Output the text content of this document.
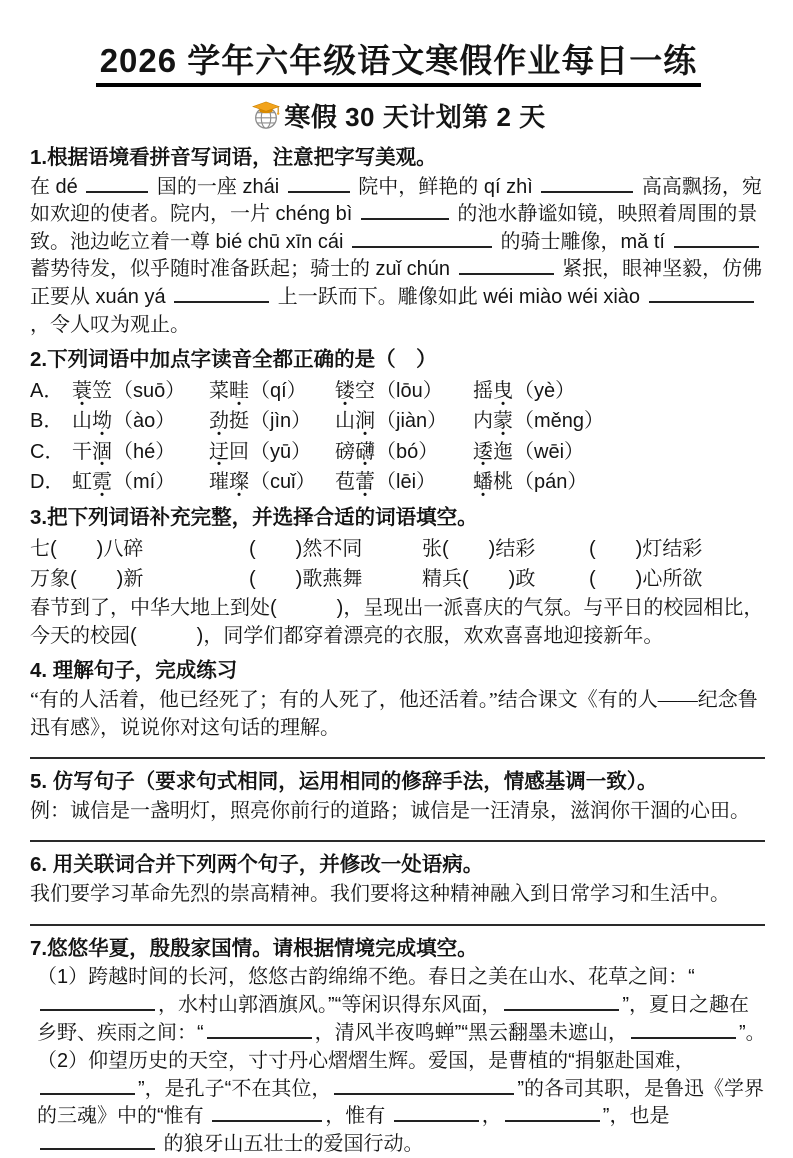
2026 学年六年级语文寒假作业每日一练
寒假 30 天计划第 2 天
1.根据语境看拼音写词语，注意把字写美观。
在 dé	国的一座 zhái	院中，鲜艳的 qí zhì	高高飘扬，宛如欢迎的使者。院内，一片 chéng bì	的池水静谧如镜，映照着周围的景致。池边屹立着一尊 bié chū xīn cái	的骑士雕像，mǎ tí  蓄势待发，似乎随时准备跃起；骑士的 zuǐ chún	紧抿，眼神坚毅，仿佛正要从 xuán yá	上一跃而下。雕像如此 wéi miào wéi xiào ，令人叹为观止。
2.下列词语中加点字读音全都正确的是（　）
A． 蓑笠（suō）	菜畦（qí）	镂空（lōu）	摇曳（yè）
B． 山坳（ào）	劲挺（jìn）	山涧（jiàn）	内蒙（měng）
C． 干涸（hé）	迂回（yū）	磅礴（bó）	逶迤（wēi）
D． 虹霓（mí）	璀璨（cuǐ） 苞蕾（lēi）	蟠桃（pán）
3.把下列词语补充完整，并选择合适的词语填空。
七(　　)八碎	(　　)然不同	张(　　)结彩	(　　)灯结彩
万象(　　)新	(　　)歌燕舞	精兵(　　)政	(　　)心所欲
春节到了，中华大地上到处(　　　)，呈现出一派喜庆的气氛。与平日的校园相比，今天的校园(　　　)，同学们都穿着漂亮的衣服，欢欢喜喜地迎接新年。
4. 理解句子，完成练习
“有的人活着，他已经死了；有的人死了，他还活着。”结合课文《有的人——纪念鲁迅有感》，说说你对这句话的理解。
5. 仿写句子（要求句式相同，运用相同的修辞手法，情感基调一致）。
例：诚信是一盏明灯，照亮你前行的道路；诚信是一汪清泉，滋润你干涸的心田。
6. 用关联词合并下列两个句子，并修改一处语病。
我们要学习革命先烈的崇高精神。我们要将这种精神融入到日常学习和生活中。
7.悠悠华夏，殷殷家国情。请根据情境完成填空。
（1）跨越时间的长河，悠悠古韵绵绵不绝。春日之美在山水、花草之间：“，水村山郭酒旗风。”“等闲识得东风面，	”，夏日之趣在乡野、疾雨之间：“	，清风半夜鸣蝉”“黑云翻墨未遮山，	”。
（2）仰望历史的天空，寸寸丹心熠熠生辉。爱国，是曹植的“捐躯赴国难，”，是孔子“不在其位，	”的各司其职，是鲁迅《学界的三魂》中的“惟有	，惟有	，	”，也是  的狼牙山五壮士的爱国行动。
